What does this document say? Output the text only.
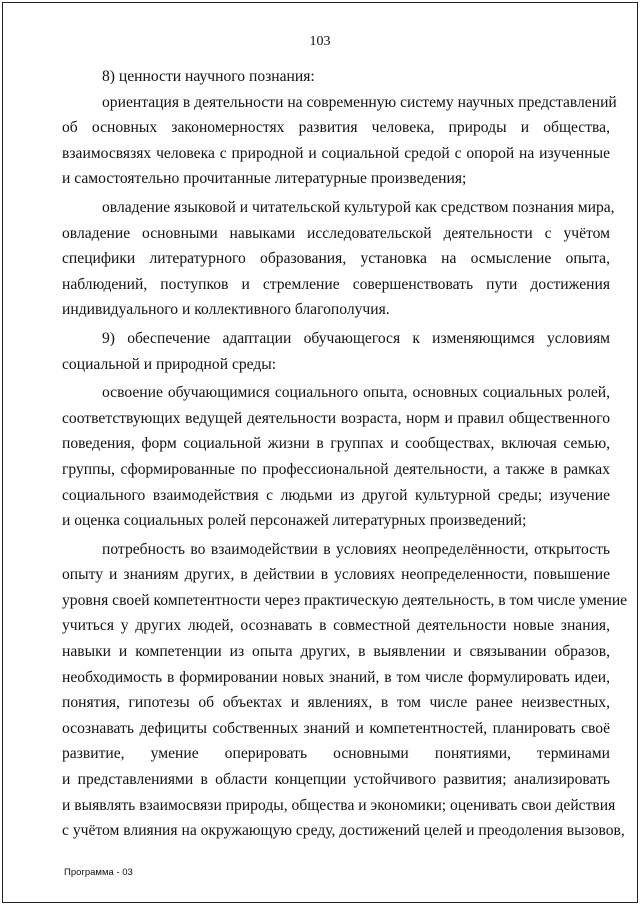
103
8) ценности научного познания:
ориентация в деятельности на современную систему научных представлений
об основных закономерностях развития человека, природы и общества,
взаимосвязях человека с природной и социальной средой с опорой на изученные
и самостоятельно прочитанные литературные произведения;
овладение языковой и читательской культурой как средством познания мира,
овладение основными навыками исследовательской деятельности с учётом
специфики литературного образования, установка на осмысление опыта,
наблюдений, поступков и стремление совершенствовать пути достижения
индивидуального и коллективного благополучия.
9) обеспечение адаптации обучающегося к изменяющимся условиям
социальной и природной среды:
освоение обучающимися социального опыта, основных социальных ролей,
соответствующих ведущей деятельности возраста, норм и правил общественного
поведения, форм социальной жизни в группах и сообществах, включая семью,
группы, сформированные по профессиональной деятельности, а также в рамках
социального взаимодействия с людьми из другой культурной среды; изучение
и оценка социальных ролей персонажей литературных произведений;
потребность во взаимодействии в условиях неопределённости, открытость
опыту и знаниям других, в действии в условиях неопределенности, повышение
уровня своей компетентности через практическую деятельность, в том числе умение
учиться у других людей, осознавать в совместной деятельности новые знания,
навыки и компетенции из опыта других, в выявлении и связывании образов,
необходимость в формировании новых знаний, в том числе формулировать идеи,
понятия, гипотезы об объектах и явлениях, в том числе ранее неизвестных,
осознавать дефициты собственных знаний и компетентностей, планировать своё
развитие, умение оперировать основными понятиями, терминами
и представлениями в области концепции устойчивого развития; анализировать
и выявлять взаимосвязи природы, общества и экономики; оценивать свои действия
с учётом влияния на окружающую среду, достижений целей и преодоления вызовов,
Программа - 03
